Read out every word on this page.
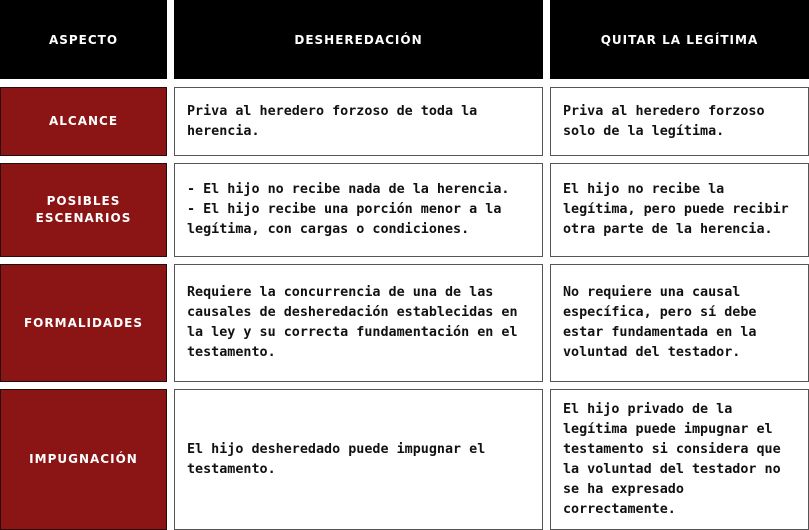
ASPECTO	DESHEREDACIÓN	QUITAR LA LEGÍTIMA
ALCANCE
Priva al heredero forzoso de toda la herencia.
Priva al heredero forzoso solo de la legítima.
POSIBLES ESCENARIOS
- El hijo no recibe nada de la herencia.
- El hijo recibe una porción menor a la legítima, con cargas o condiciones.
El hijo no recibe la legítima, pero puede recibir otra parte de la herencia.
FORMALIDADES
Requiere la concurrencia de una de las causales de desheredación establecidas en la ley y su correcta fundamentación en el testamento.
No requiere una causal específica, pero sí debe estar fundamentada en la voluntad del testador.
IMPUGNACIÓN
El hijo desheredado puede impugnar el testamento.
El hijo privado de la legítima puede impugnar el testamento si considera que la voluntad del testador no se ha expresado correctamente.
